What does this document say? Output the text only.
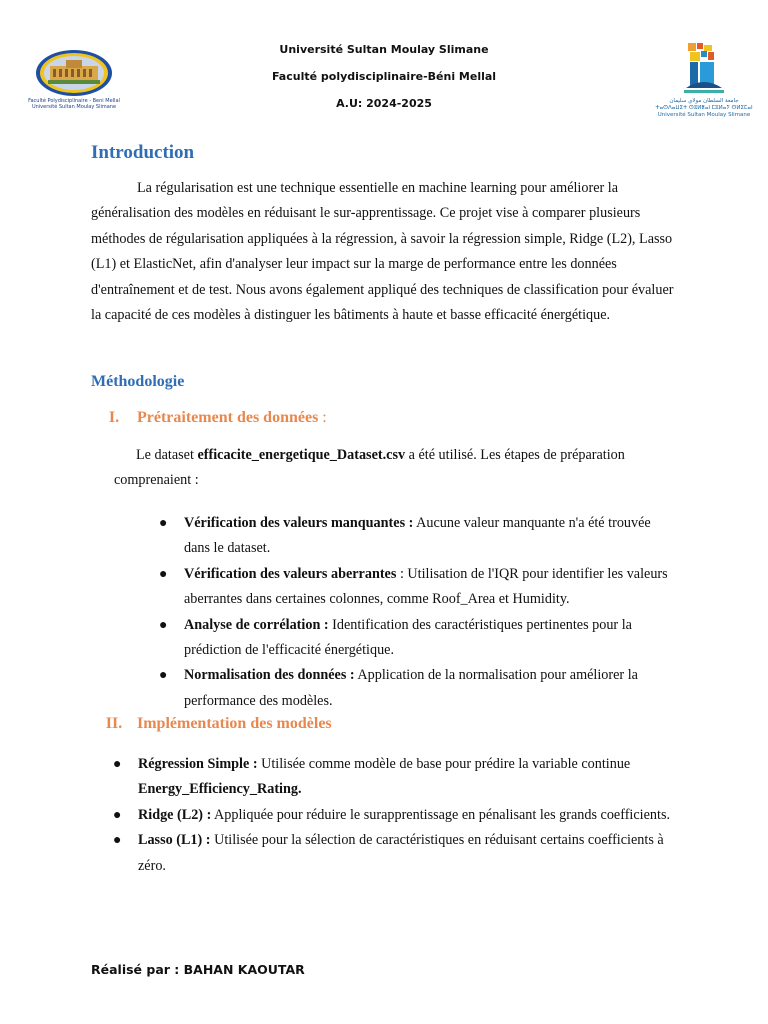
Université Sultan Moulay Slimane
Faculté polydisciplinaire-Béni Mellal
A.U: 2024-2025
Faculté Polydisciplinaire - Beni Mellal
Université Sultan Moulay Slimane
جامعة السلطان مولاي سليمان
ⵜⴰⵙⴷⴰⵡⵉⵜ ⵙⵓⵍⵟⴰⵏ ⵎⵓⵍⴰⵢ ⵙⵍⵉⵎⴰⵏ
Université Sultan Moulay Slimane
Introduction

La régularisation est une technique essentielle en machine learning pour améliorer la généralisation des modèles en réduisant le sur-apprentissage. Ce projet vise à comparer plusieurs méthodes de régularisation appliquées à la régression, à savoir la régression simple, Ridge (L2), Lasso (L1) et ElasticNet, afin d'analyser leur impact sur la marge de performance entre les données d'entraînement et de test. Nous avons également appliqué des techniques de classification pour évaluer la capacité de ces modèles à distinguer les bâtiments à haute et basse efficacité énergétique.

Méthodologie
I. Prétraitement des données :

Le dataset efficacite_energetique_Dataset.csv a été utilisé. Les étapes de préparation comprenaient :

● Vérification des valeurs manquantes : Aucune valeur manquante n'a été trouvée dans le dataset.
● Vérification des valeurs aberrantes : Utilisation de l'IQR pour identifier les valeurs aberrantes dans certaines colonnes, comme Roof_Area et Humidity.
● Analyse de corrélation : Identification des caractéristiques pertinentes pour la prédiction de l'efficacité énergétique.
● Normalisation des données : Application de la normalisation pour améliorer la performance des modèles.
II. Implémentation des modèles
● Régression Simple : Utilisée comme modèle de base pour prédire la variable continue Energy_Efficiency_Rating.
● Ridge (L2) : Appliquée pour réduire le surapprentissage en pénalisant les grands coefficients.
● Lasso (L1) : Utilisée pour la sélection de caractéristiques en réduisant certains coefficients à zéro.
Réalisé par : BAHAN KAOUTAR
